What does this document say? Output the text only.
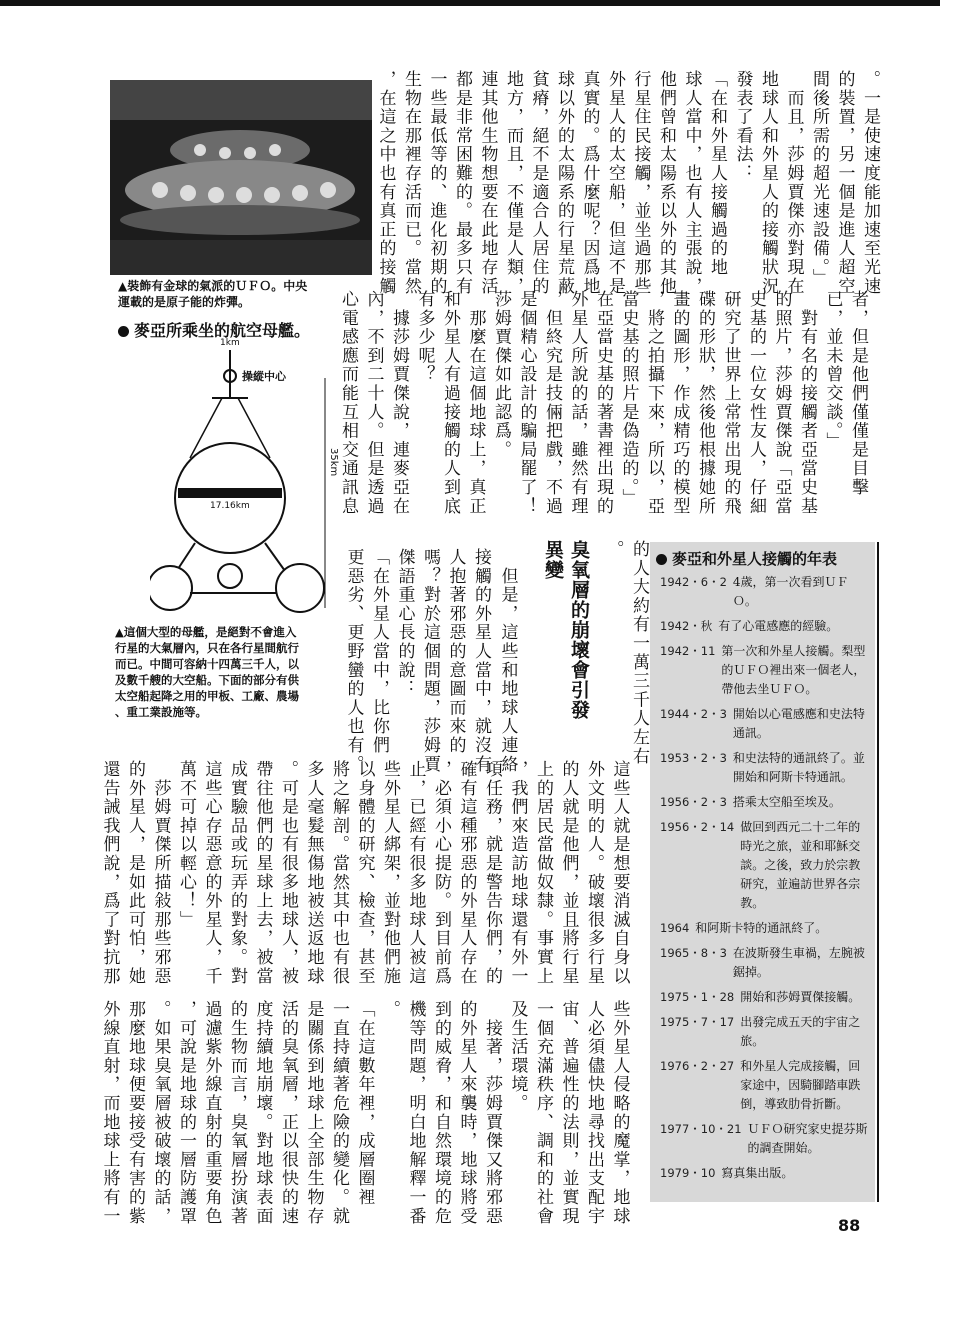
。一是使速度能加速至光速
的裝置，另一個是進人超空
間後所需的超光速設備。」
　而且，莎姆賈傑亦對現在
地球人和外星人的接觸狀況
發表了看法：
「在和外星人接觸過的地
球人當中，也有人主張說，
他們曾和太陽系以外的其他
行星住民接觸，並坐過那些
外星人的太空船，但這不是
真實的。爲什麼呢？因爲地
球以外的太陽系的行星荒蔽
貧瘠，絕不是適合人居住的
地方，而且，不僅是人類，
連其他生物想要在此地存活
都是非常困難的。最多只有
一些最低等的、進化初期的
生物在那裡存活而已。當然
，在這之中也有真正的接觸
者，但是他們僅僅是目擊
已，並未曾交談。」
　對有名的接觸者亞當史基
的照片，莎姆賈傑說「亞當
史基的一位女性友人，仔細
研究了世界上常常出現的飛
碟的形狀，然後他根據她所
畫的圖形，作成精巧的模型
，將之拍攝下來，所以，亞
當史基的照片是偽造的。」
在亞當史基的著書裡出現的
外星人所說的話，雖然有理
，但終究是技倆把戲，不過
是個精心設計的騙局罷了！
莎姆賈傑如此認爲。
　那麼在這個地球上，真正
和外星人有過接觸的人到底
有多少呢？
　據莎姆賈傑說，連麥亞在
內，不到二十人。但是透過
心電感應而能互相交通訊息
▲裝飾有金球的氣派的ＵＦＯ。中央
運載的是原子能的炸彈。
麥亞所乘坐的航空母艦。
1km
操縱中心
35km
17.16km
▲這個大型的母艦，是絕對不會進入
行星的大氣層內，只在各行星間航行
而已。中間可容納十四萬三千人，以
及數千艘的大空船。下面的部分有供
太空船起降之用的甲板、工廠、農場
、重工業設施等。	的人大約有一萬三千人左右
。
臭氧層的崩壞會引發
異變
　但是，這些和地球人連絡
接觸的外星人當中，就沒有
人抱著邪惡的意圖而來的
嗎？對於這個問題，莎姆賈
傑語重心長的說：
「在外星人當中，比你們
更惡劣、更野蠻的人也有。
這些人就是想要消滅自身以
外文明的人。破壞很多行星
的人就是他們，並且將行星
上的居民當做奴隸。事實上
，我們來造訪地球還有外一
項任務，就是警告你們，的
確有這種邪惡的外星人存在
，必須小心提防。到目前爲
止，已經有很多地球人被這
些外星人綁架，並對他們施
以身體的研究、檢查，甚至
將之解剖。當然其中也有很
多人毫髮無傷地被送返地球
。可是也有很多地球人，被
帶往他們的星球上去，被當
成實驗品或玩弄的對象。對
這些心存惡意的外星人，千
萬不可掉以輕心！」
　莎姆賈傑所描敍那些邪惡
的外星人，是如此可怕，她
還告誡我們說，爲了對抗那
些外星人侵略的魔掌，地球
人必須儘快地尋找出支配宇
宙、普遍性的法則，並實現
一個充滿秩序、調和的社會
及生活環境。
　接著，莎姆賈傑又將邪惡
的外星人來襲時，地球將受
到的威脅，和自然環境的危
機等問題，明白地解釋一番
。
「在這數年裡，成層圈裡
一直持續著危險的變化。就
是關係到地球上全部生物存
活的臭氧層，正以很快的速
度持續地崩壞。對地球表面
的生物而言，臭氧層扮演著
過濾紫外線直射的重要角色
，可說是地球的一層防護罩
。如果臭氧層被破壞的話，
那麼地球便要接受有害的紫
外線直射，而地球上將有一
麥亞和外星人接觸的年表
1942・6・2 4歲，第一次看到ＵＦＯ。
1942・秋 有了心電感應的經驗。
1942・11 第一次和外星人接觸。梨型的ＵＦＯ裡出來一個老人，帶他去坐ＵＦＯ。
1944・2・3 開始以心電感應和史法特通訊。
1953・2・3 和史法特的通訊終了。並開始和阿斯卡特通訊。
1956・2・3 搭乘太空船至埃及。
1956・2・14 做回到西元二十二年的時光之旅，並和耶穌交談。之後，致力於宗教研究，並遍訪世界各宗教。
1964 和阿斯卡特的通訊終了。
1965・8・3 在波斯發生車禍，左腕被鋸掉。
1975・1・28 開始和莎姆賈傑接觸。
1975・7・17 出發完成五天的宇宙之旅。
1976・2・27 和外星人完成接觸，回家途中，因騎腳踏車跌倒，導致肋骨折斷。
1977・10・21 ＵＦＯ研究家史提芬斯的調查開始。
1979・10 寫真集出版。
88
